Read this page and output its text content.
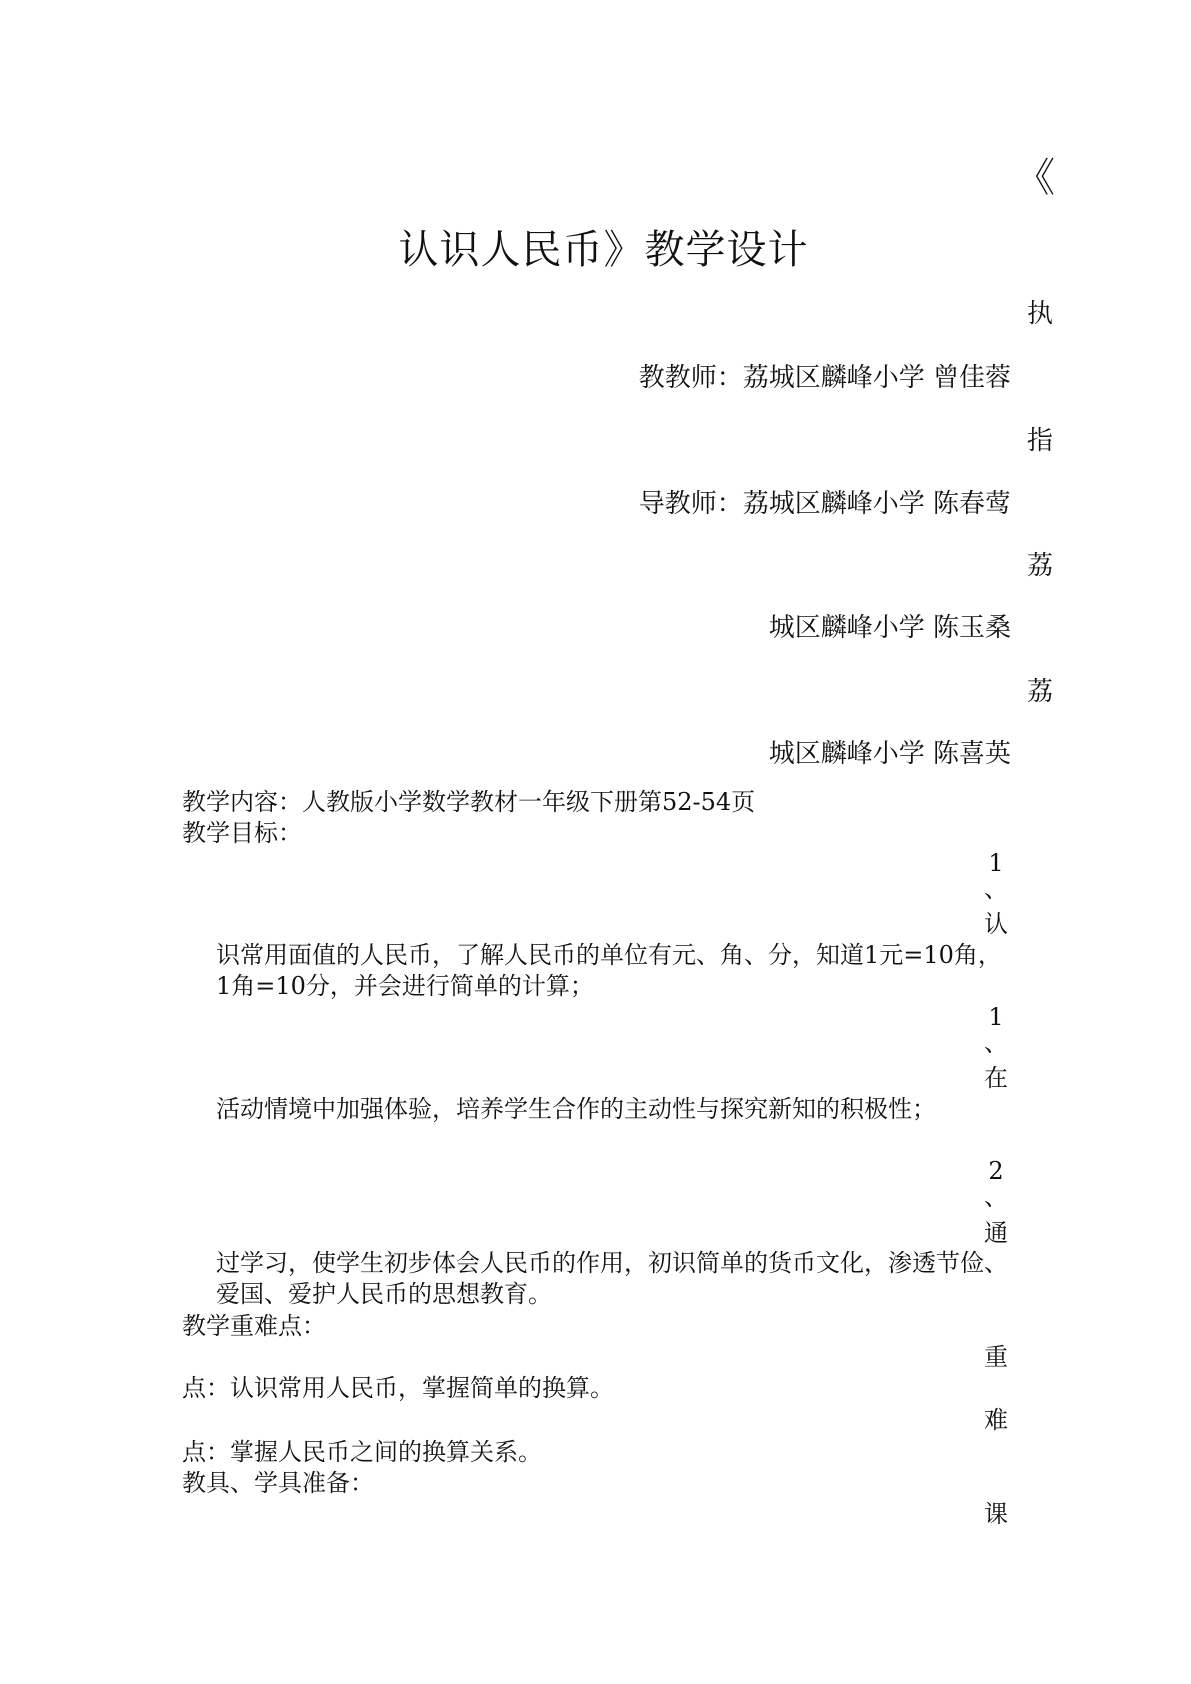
《
认识人民币》教学设计
执
教教师：荔城区麟峰小学 曾佳蓉
指
导教师：荔城区麟峰小学 陈春莺
荔
城区麟峰小学 陈玉桑
荔
城区麟峰小学 陈喜英
教学内容：人教版小学数学教材一年级下册第52-54页
教学目标：
1
、
认
识常用面值的人民币，了解人民币的单位有元、角、分，知道1元=10角，1角=10分，并会进行简单的计算；
1
、
在
活动情境中加强体验，培养学生合作的主动性与探究新知的积极性；
2
、
通
过学习，使学生初步体会人民币的作用，初识简单的货币文化，渗透节俭、爱国、爱护人民币的思想教育。
教学重难点：
重
点：认识常用人民币，掌握简单的换算。
难
点：掌握人民币之间的换算关系。
教具、学具准备：
课
